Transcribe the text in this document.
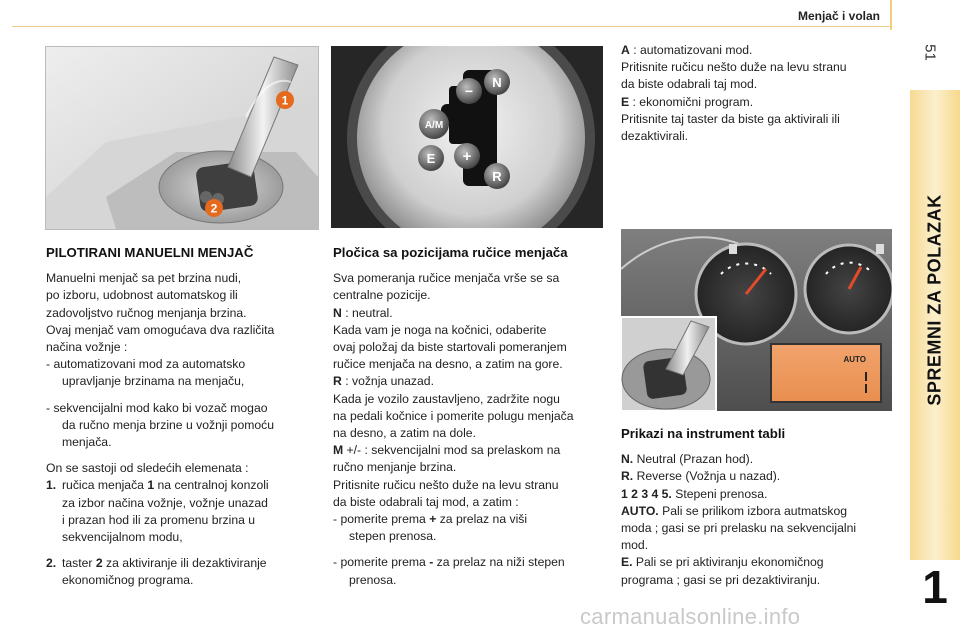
Menjač i volan
51
SPREMNI ZA POLAZAK
1
1
2
N
−
A/M
E +
R
AUTO

PILOTIRANI MANUELNI MENJAČ

Manuelni menjač sa pet brzina nudi,

po izboru, udobnost automatskog ili

zadovoljstvo ručnog menjanja brzina.

Ovaj menjač vam omogućava dva različita

načina vožnje :

- automatizovani mod za automatsko

upravljanje brzinama na menjaču,

- sekvencijalni mod kako bi vozač mogao

da ručno menja brzine u vožnji pomoću

menjača.

On se sastoji od sledećih elemenata :

1. ručica menjača 1 na centralnoj konzoli

za izbor načina vožnje, vožnje unazad

i prazan hod ili za promenu brzina u

sekvencijalnom modu,

2. taster 2 za aktiviranje ili dezaktiviranje

ekonomičnog programa.

Pločica sa pozicijama ručice menjača

Sva pomeranja ručice menjača vrše se sa

centralne pozicije.

N : neutral.

Kada vam je noga na kočnici, odaberite

ovaj položaj da biste startovali pomeranjem

ručice menjača na desno, a zatim na gore.

R : vožnja unazad.

Kada je vozilo zaustavljeno, zadržite nogu

na pedali kočnice i pomerite polugu menjača

na desno, a zatim na dole.

M +/- : sekvencijalni mod sa prelaskom na

ručno menjanje brzina.

Pritisnite ručicu nešto duže na levu stranu

da biste odabrali taj mod, a zatim :

- pomerite prema + za prelaz na viši

stepen prenosa.

- pomerite prema - za prelaz na niži stepen

prenosa.

A : automatizovani mod.

Pritisnite ručicu nešto duže na levu stranu

da biste odabrali taj mod.

E : ekonomični program.

Pritisnite taj taster da biste ga aktivirali ili

dezaktivirali.

Prikazi na instrument tabli

N. Neutral (Prazan hod).

R. Reverse (Vožnja u nazad).

1 2 3 4 5. Stepeni prenosa.

AUTO. Pali se prilikom izbora autmatskog

moda ; gasi se pri prelasku na sekvencijalni

mod.

E. Pali se pri aktiviranju ekonomičnog

programa ; gasi se pri dezaktiviranju.

carmanualsonline.info
